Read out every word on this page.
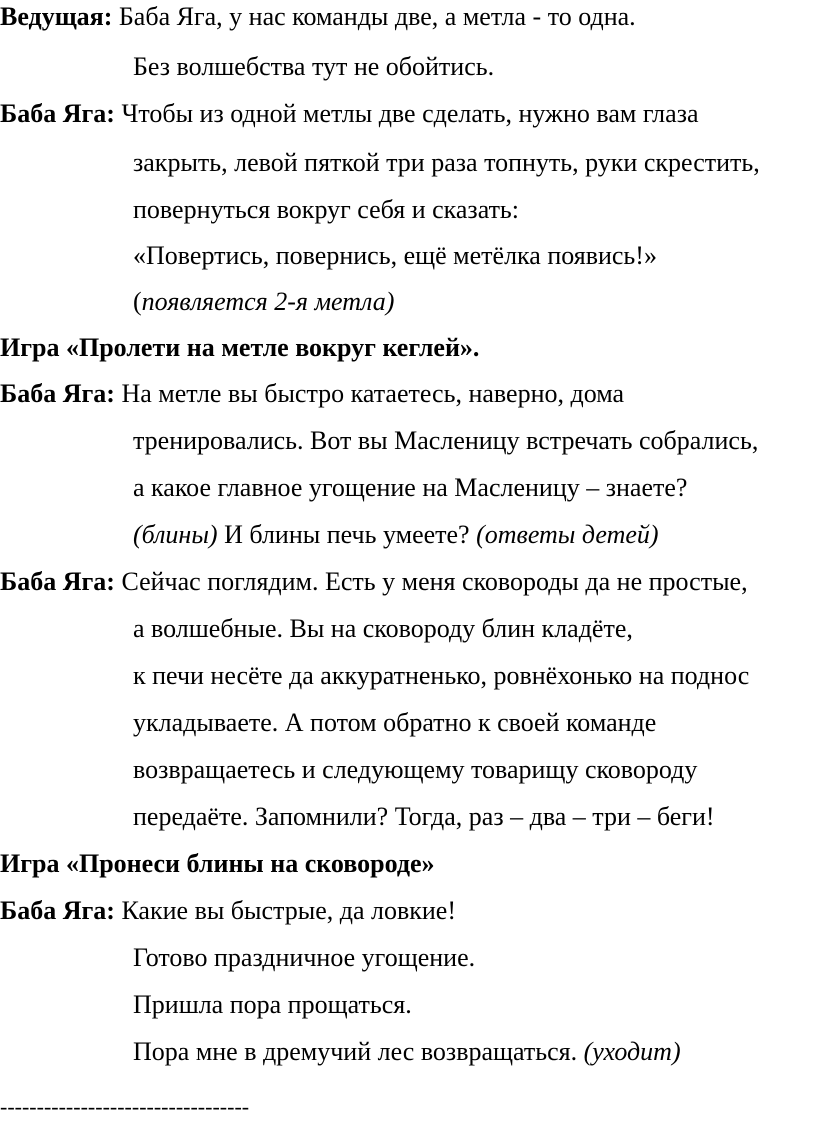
Ведущая: Баба Яга, у нас команды две, а метла - то одна.
Без волшебства тут не обойтись.
Баба Яга: Чтобы из одной метлы две сделать, нужно вам глаза
закрыть, левой пяткой три раза топнуть, руки скрестить,
повернуться вокруг себя и сказать:
«Повертись, повернись, ещё метёлка появись!»
(появляется 2-я метла)
Игра «Пролети на метле вокруг кеглей».
Баба Яга: На метле вы быстро катаетесь, наверно, дома
тренировались. Вот вы Масленицу встречать собрались,
а какое главное угощение на Масленицу – знаете?
(блины) И блины печь умеете? (ответы детей)
Баба Яга: Сейчас поглядим. Есть у меня сковороды да не простые,
а волшебные. Вы на сковороду блин кладёте,
к печи несёте да аккуратненько, ровнёхонько на поднос
укладываете. А потом обратно к своей команде
возвращаетесь и следующему товарищу сковороду
передаёте. Запомнили? Тогда, раз – два – три – беги!
Игра «Пронеси блины на сковороде»
Баба Яга: Какие вы быстрые, да ловкие!
Готово праздничное угощение.
Пришла пора прощаться.
Пора мне в дремучий лес возвращаться. (уходит)
----------------------------------
